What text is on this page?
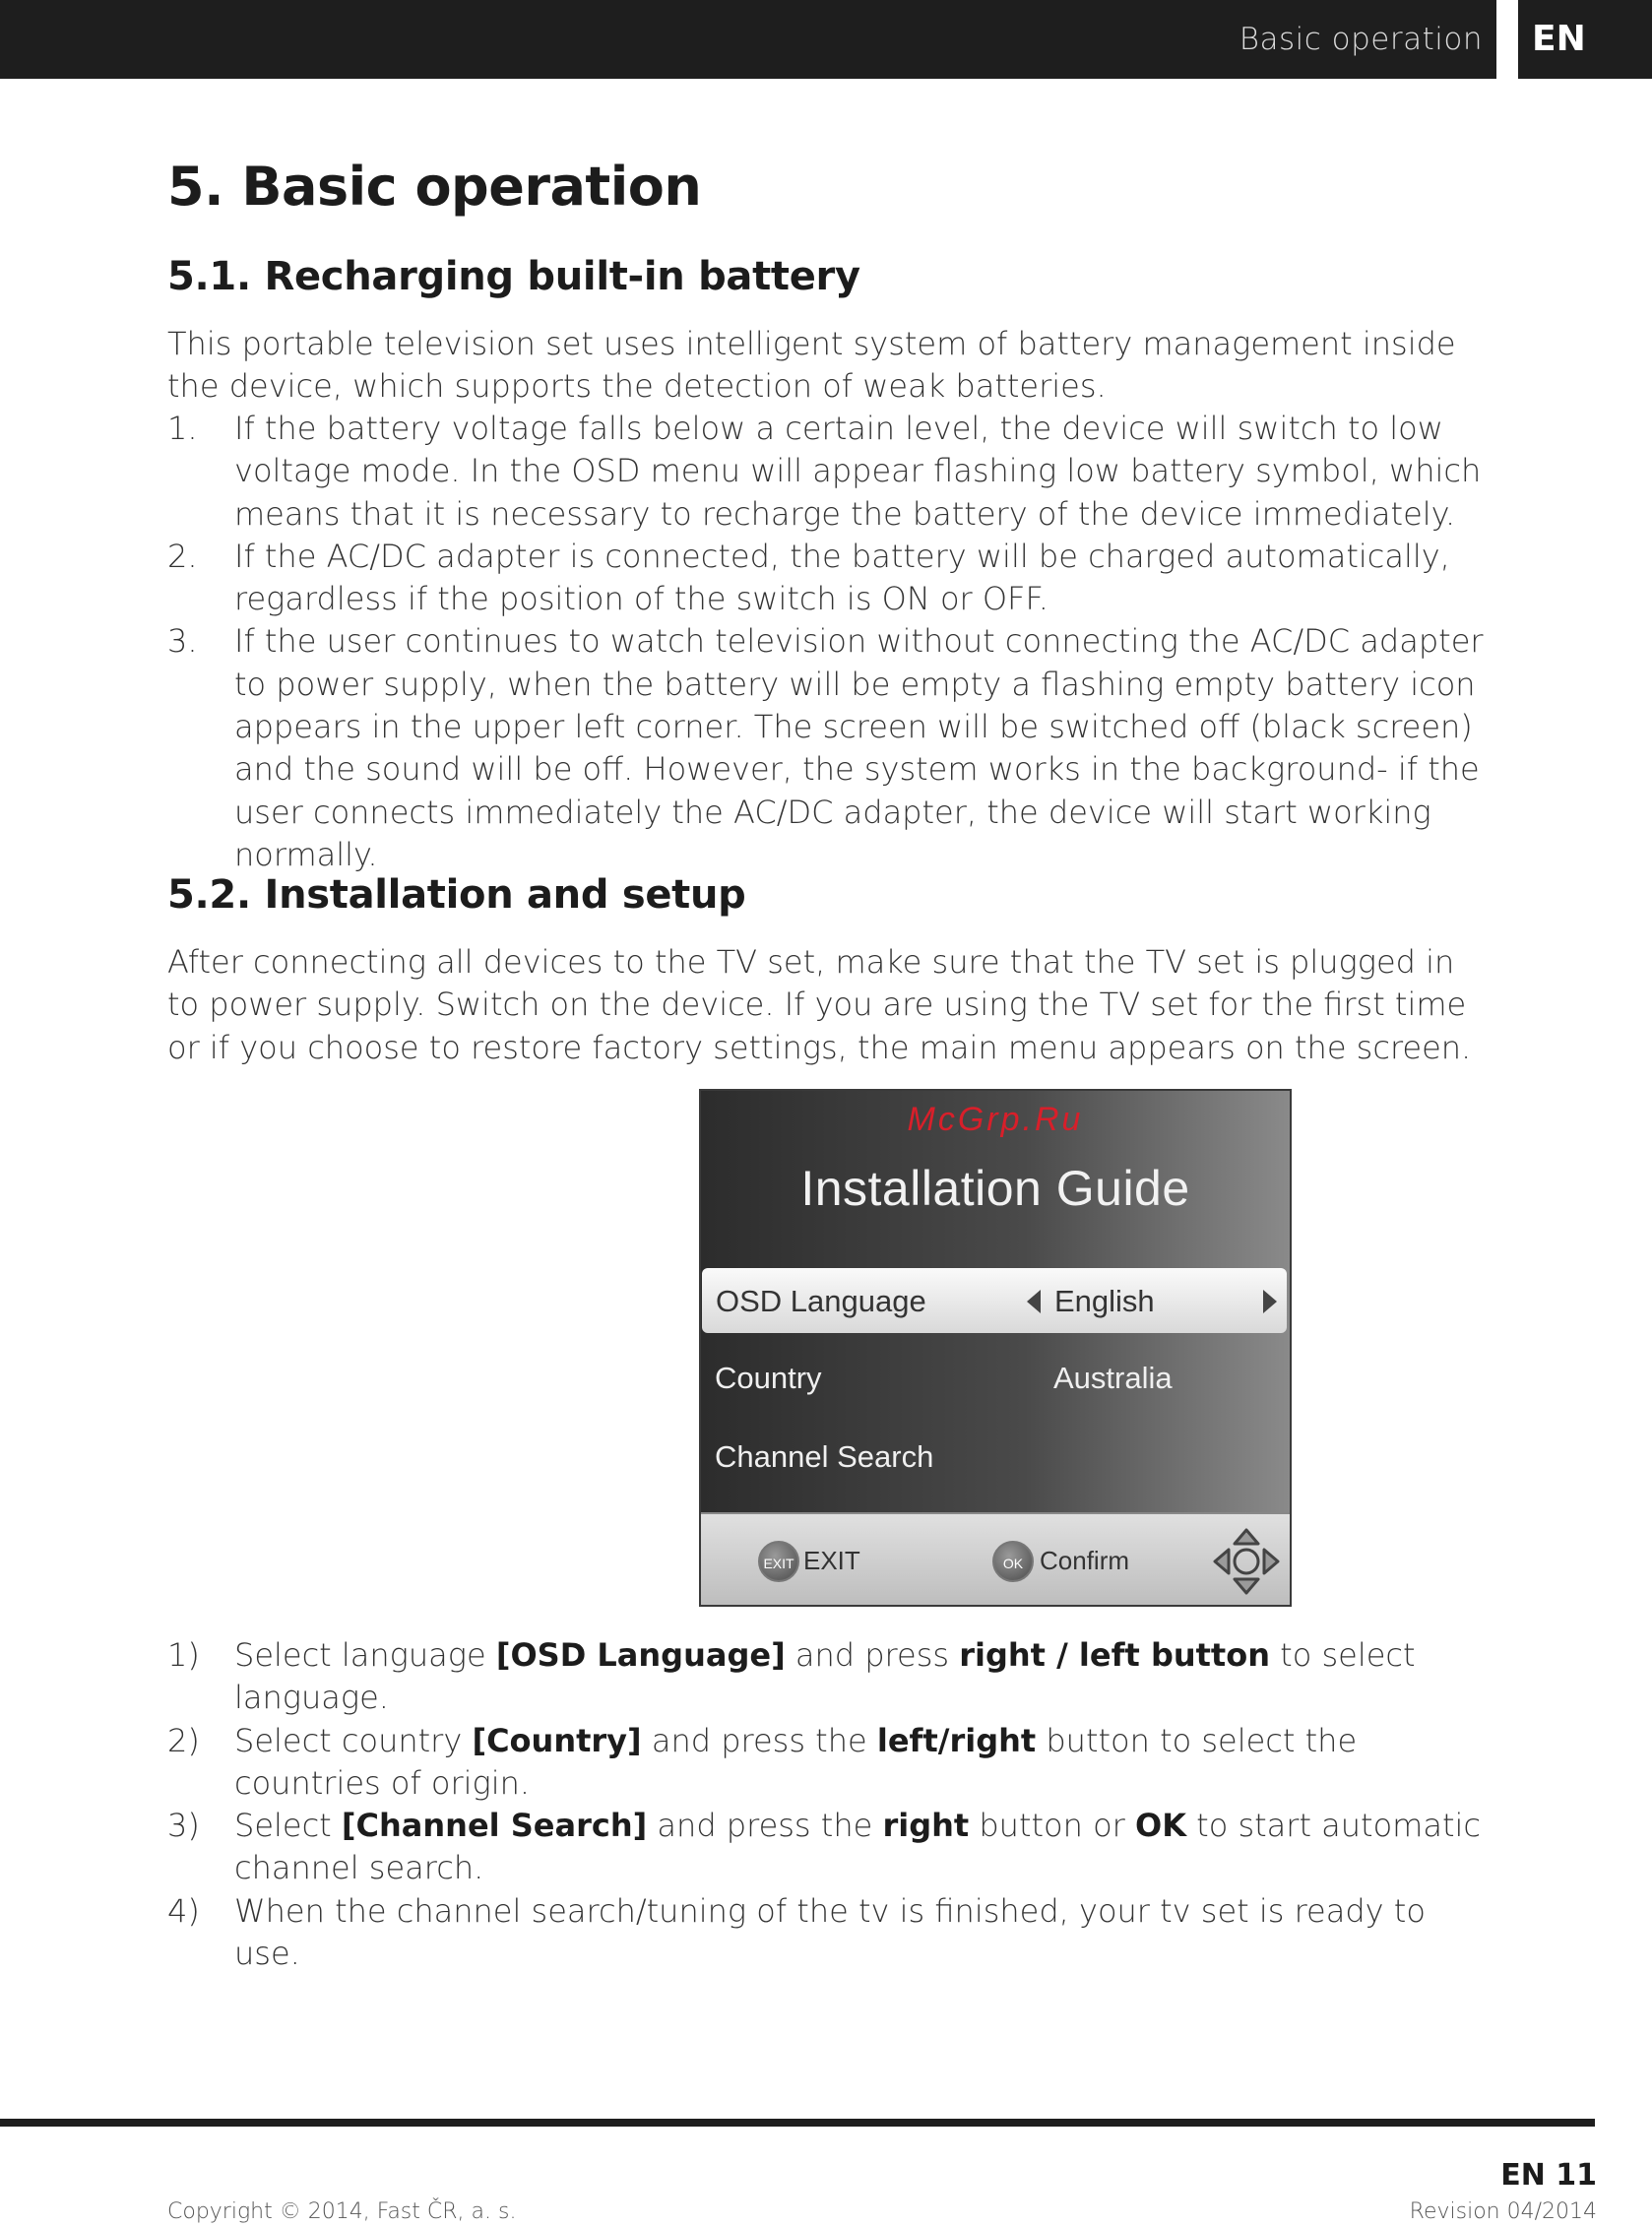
Basic operation EN
5. Basic operation
5.1. Recharging built-in battery

This portable television set uses intelligent system of battery management inside the device, which supports the detection of weak batteries.

1. If the battery voltage falls below a certain level, the device will switch to low voltage mode. In the OSD menu will appear flashing low battery symbol, which means that it is necessary to recharge the battery of the device immediately.
2. If the AC/DC adapter is connected, the battery will be charged automatically, regardless if the position of the switch is ON or OFF.
3. If the user continues to watch television without connecting the AC/DC adapter to power supply, when the battery will be empty a flashing empty battery icon appears in the upper left corner. The screen will be switched off (black screen) and the sound will be off. However, the system works in the background- if the user connects immediately the AC/DC adapter, the device will start working normally.
5.2. Installation and setup

After connecting all devices to the TV set, make sure that the TV set is plugged in to power supply. Switch on the device. If you are using the TV set for the first time or if you choose to restore factory settings, the main menu appears on the screen.

McGrp.Ru
Installation Guide
OSD Language	English
Country	Australia
Channel Search
EXIT EXIT	OK Confirm
1) Select language [OSD Language] and press right / left button to select language.
2) Select country [Country] and press the left/right button to select the countries of origin.
3) Select [Channel Search] and press the right button or OK to start automatic channel search.
4) When the channel search/tuning of the tv is finished, your tv set is ready to use.
EN 11
Copyright © 2014, Fast ČR, a. s.	Revision 04/2014
